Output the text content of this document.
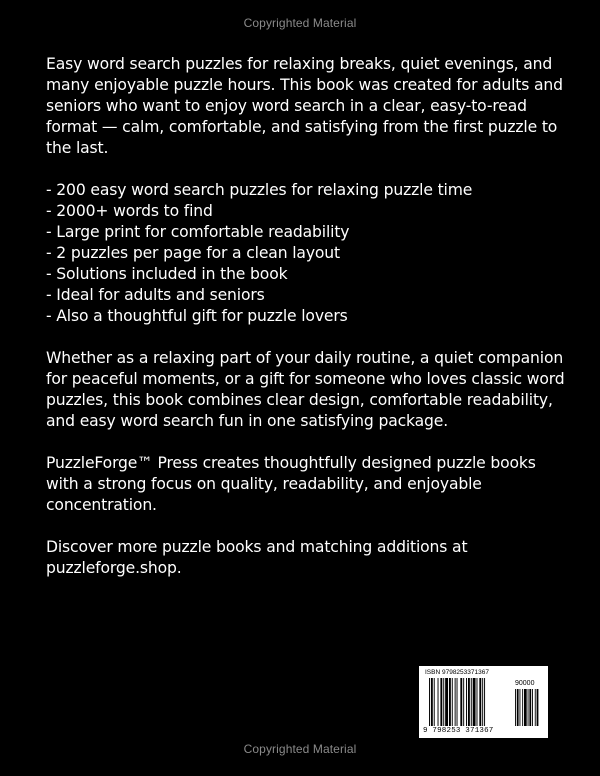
Copyrighted Material

Easy word search puzzles for relaxing breaks, quiet evenings, and many enjoyable puzzle hours. This book was created for adults and seniors who want to enjoy word search in a clear, easy-to-read format — calm, comfortable, and satisfying from the first puzzle to the last.

- 200 easy word search puzzles for relaxing puzzle time
- 2000+ words to find
- Large print for comfortable readability
- 2 puzzles per page for a clean layout
- Solutions included in the book
- Ideal for adults and seniors
- Also a thoughtful gift for puzzle lovers

Whether as a relaxing part of your daily routine, a quiet companion for peaceful moments, or a gift for someone who loves classic word puzzles, this book combines clear design, comfortable readability, and easy word search fun in one satisfying package.

PuzzleForge™ Press creates thoughtfully designed puzzle books with a strong focus on quality, readability, and enjoyable concentration.

Discover more puzzle books and matching additions at puzzleforge.shop.

ISBN 9798253371367
90000
9 798253 371367
Copyrighted Material
